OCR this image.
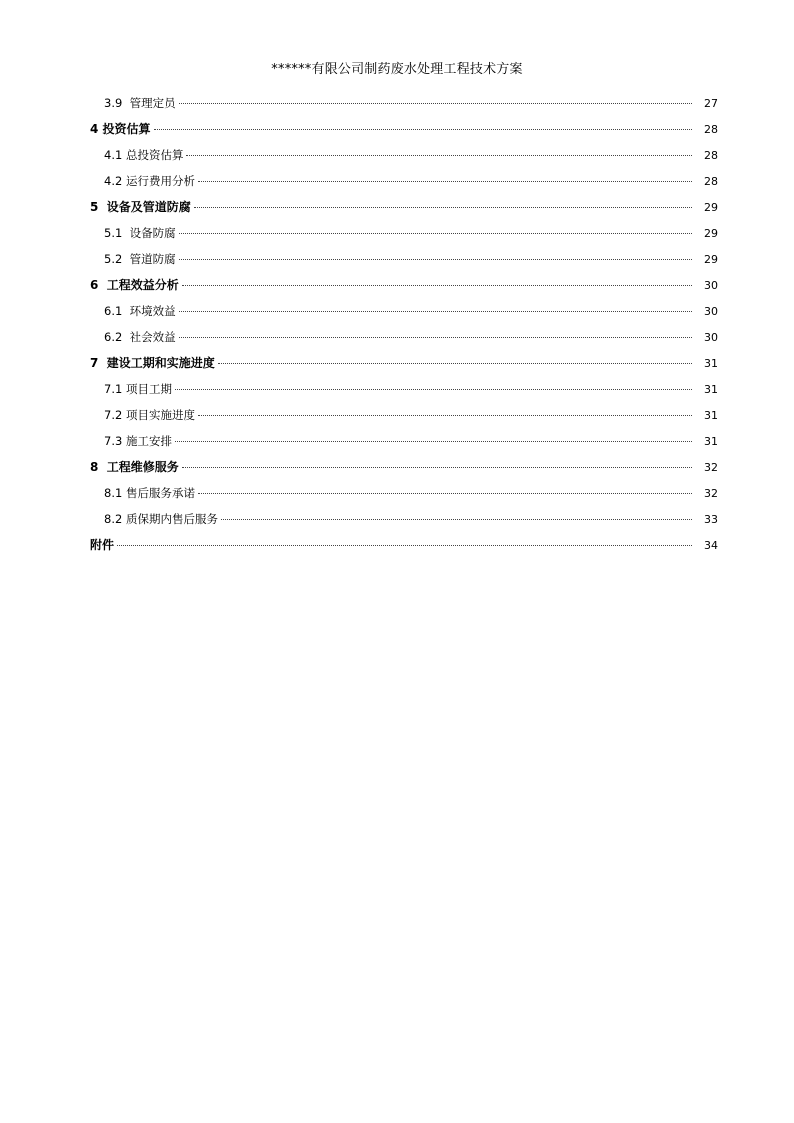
******有限公司制药废水处理工程技术方案
3.9  管理定员	27
4 投资估算	28
4.1 总投资估算	28
4.2 运行费用分析	28
5  设备及管道防腐	29
5.1  设备防腐	29
5.2  管道防腐	29
6  工程效益分析	30
6.1  环境效益	30
6.2  社会效益	30
7  建设工期和实施进度	31
7.1 项目工期	31
7.2 项目实施进度	31
7.3 施工安排	31
8  工程维修服务	32
8.1 售后服务承诺	32
8.2 质保期内售后服务	33
附件	34
